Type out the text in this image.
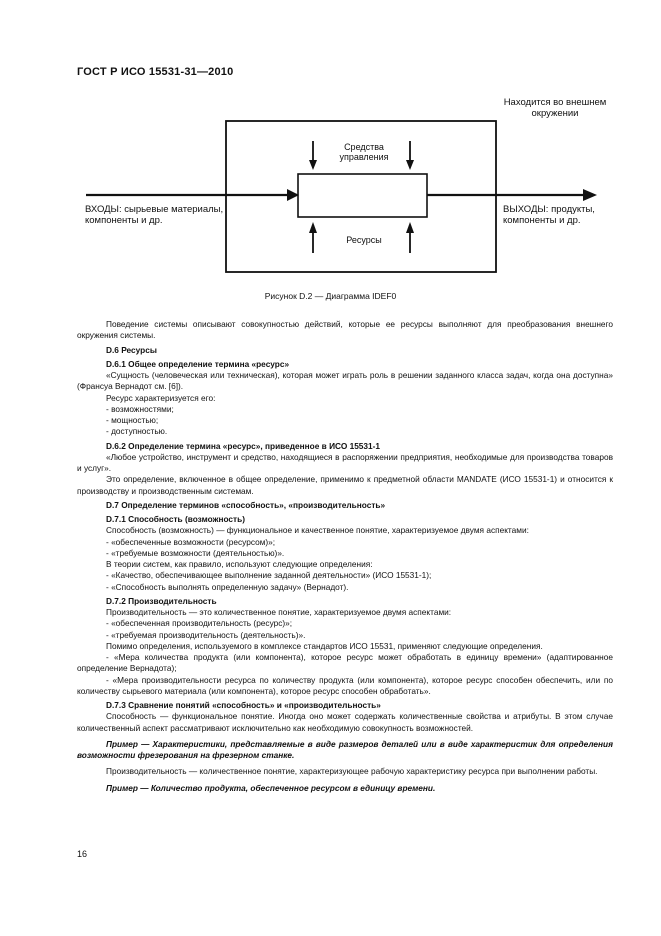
ГОСТ Р ИСО 15531-31—2010
Находится во внешнем
окружении
Средства
управления
Ресурсы
ВХОДЫ: сырьевые материалы,
компоненты и др.
ВЫХОДЫ: продукты,
компоненты и др.
Рисунок D.2 — Диаграмма IDEF0

Поведение системы описывают совокупностью действий, которые ее ресурсы выполняют для преобразования внешнего окружения системы.

D.6 Ресурсы

D.6.1 Общее определение термина «ресурс»

«Сущность (человеческая или техническая), которая может играть роль в решении заданного класса задач, когда она доступна» (Франсуа Вернадот см. [6]).

Ресурс характеризуется его:

- возможностями;

- мощностью;

- доступностью.

D.6.2 Определение термина «ресурс», приведенное в ИСО 15531-1

«Любое устройство, инструмент и средство, находящиеся в распоряжении предприятия, необходимые для производства товаров и услуг».

Это определение, включенное в общее определение, применимо к предметной области MANDATE (ИСО 15531-1) и относится к производству и производственным системам.

D.7 Определение терминов «способность», «производительность»

D.7.1 Способность (возможность)

Способность (возможность) — функциональное и качественное понятие, характеризуемое двумя аспектами:

- «обеспеченные возможности (ресурсом)»;

- «требуемые возможности (деятельностью)».

В теории систем, как правило, используют следующие определения:

- «Качество, обеспечивающее выполнение заданной деятельности» (ИСО 15531-1);

- «Способность выполнять определенную задачу» (Вернадот).

D.7.2 Производительность

Производительность — это количественное понятие, характеризуемое двумя аспектами:

- «обеспеченная производительность (ресурс)»;

- «требуемая производительность (деятельность)».

Помимо определения, используемого в комплексе стандартов ИСО 15531, применяют следующие определения.

- «Мера количества продукта (или компонента), которое ресурс может обработать в единицу времени» (адаптированное определение Вернадота);

- «Мера производительности ресурса по количеству продукта (или компонента), которое ресурс способен обеспечить, или по количеству сырьевого материала (или компонента), которое ресурс способен обработать».

D.7.3 Сравнение понятий «способность» и «производительность»

Способность — функциональное понятие. Иногда оно может содержать количественные свойства и атрибуты. В этом случае количественный аспект рассматривают исключительно как необходимую совокупность возможностей.

Пример — Характеристики, представляемые в виде размеров деталей или в виде характеристик для определения возможности фрезерования на фрезерном станке.

Производительность — количественное понятие, характеризующее рабочую характеристику ресурса при выполнении работы.

Пример — Количество продукта, обеспеченное ресурсом в единицу времени.

16
